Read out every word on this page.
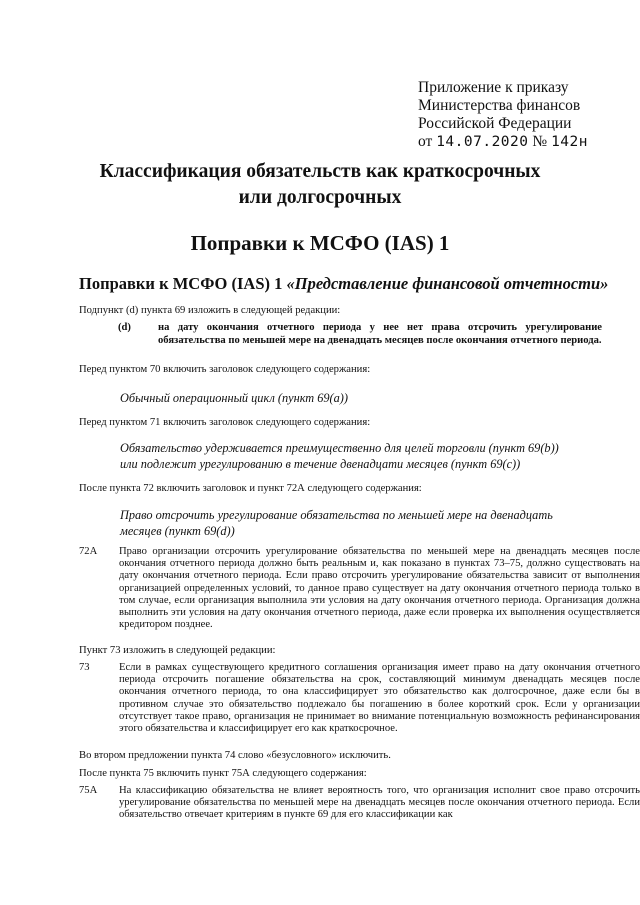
Приложение к приказу
Министерства финансов
Российской Федерации
от 14.07.2020 № 142н
Классификация обязательств как краткосрочных
или долгосрочных
Поправки к МСФО (IAS) 1
Поправки к МСФО (IAS) 1 «Представление финансовой отчетности»
Подпункт (d) пункта 69 изложить в следующей редакции:
(d)	на дату окончания отчетного периода у нее нет права отсрочить урегулирование обязательства по меньшей мере на двенадцать месяцев после окончания отчетного периода.
Перед пунктом 70 включить заголовок следующего содержания:
Обычный операционный цикл (пункт 69(а))
Перед пунктом 71 включить заголовок следующего содержания:
Обязательство удерживается преимущественно для целей торговли (пункт 69(b))
или подлежит урегулированию в течение двенадцати месяцев (пункт 69(с))
После пункта 72 включить заголовок и пункт 72А следующего содержания:
Право отсрочить урегулирование обязательства по меньшей мере на двенадцать
месяцев (пункт 69(d))
72А Право организации отсрочить урегулирование обязательства по меньшей мере на двенадцать месяцев после окончания отчетного периода должно быть реальным и, как показано в пунктах 73–75, должно существовать на дату окончания отчетного периода. Если право отсрочить урегулирование обязательства зависит от выполнения организацией определенных условий, то данное право существует на дату окончания отчетного периода только в том случае, если организация выполнила эти условия на дату окончания отчетного периода. Организация должна выполнить эти условия на дату окончания отчетного периода, даже если проверка их выполнения осуществляется кредитором позднее.
Пункт 73 изложить в следующей редакции:
73	Если в рамках существующего кредитного соглашения организация имеет право на дату окончания отчетного периода отсрочить погашение обязательства на срок, составляющий минимум двенадцать месяцев после окончания отчетного периода, то она классифицирует это обязательство как долгосрочное, даже если бы в противном случае это обязательство подлежало бы погашению в более короткий срок. Если у организации отсутствует такое право, организация не принимает во внимание потенциальную возможность рефинансирования этого обязательства и классифицирует его как краткосрочное.
Во втором предложении пункта 74 слово «безусловного» исключить.
После пункта 75 включить пункт 75А следующего содержания:
75А На классификацию обязательства не влияет вероятность того, что организация исполнит свое право отсрочить урегулирование обязательства по меньшей мере на двенадцать месяцев после окончания отчетного периода. Если обязательство отвечает критериям в пункте 69 для его классификации как
